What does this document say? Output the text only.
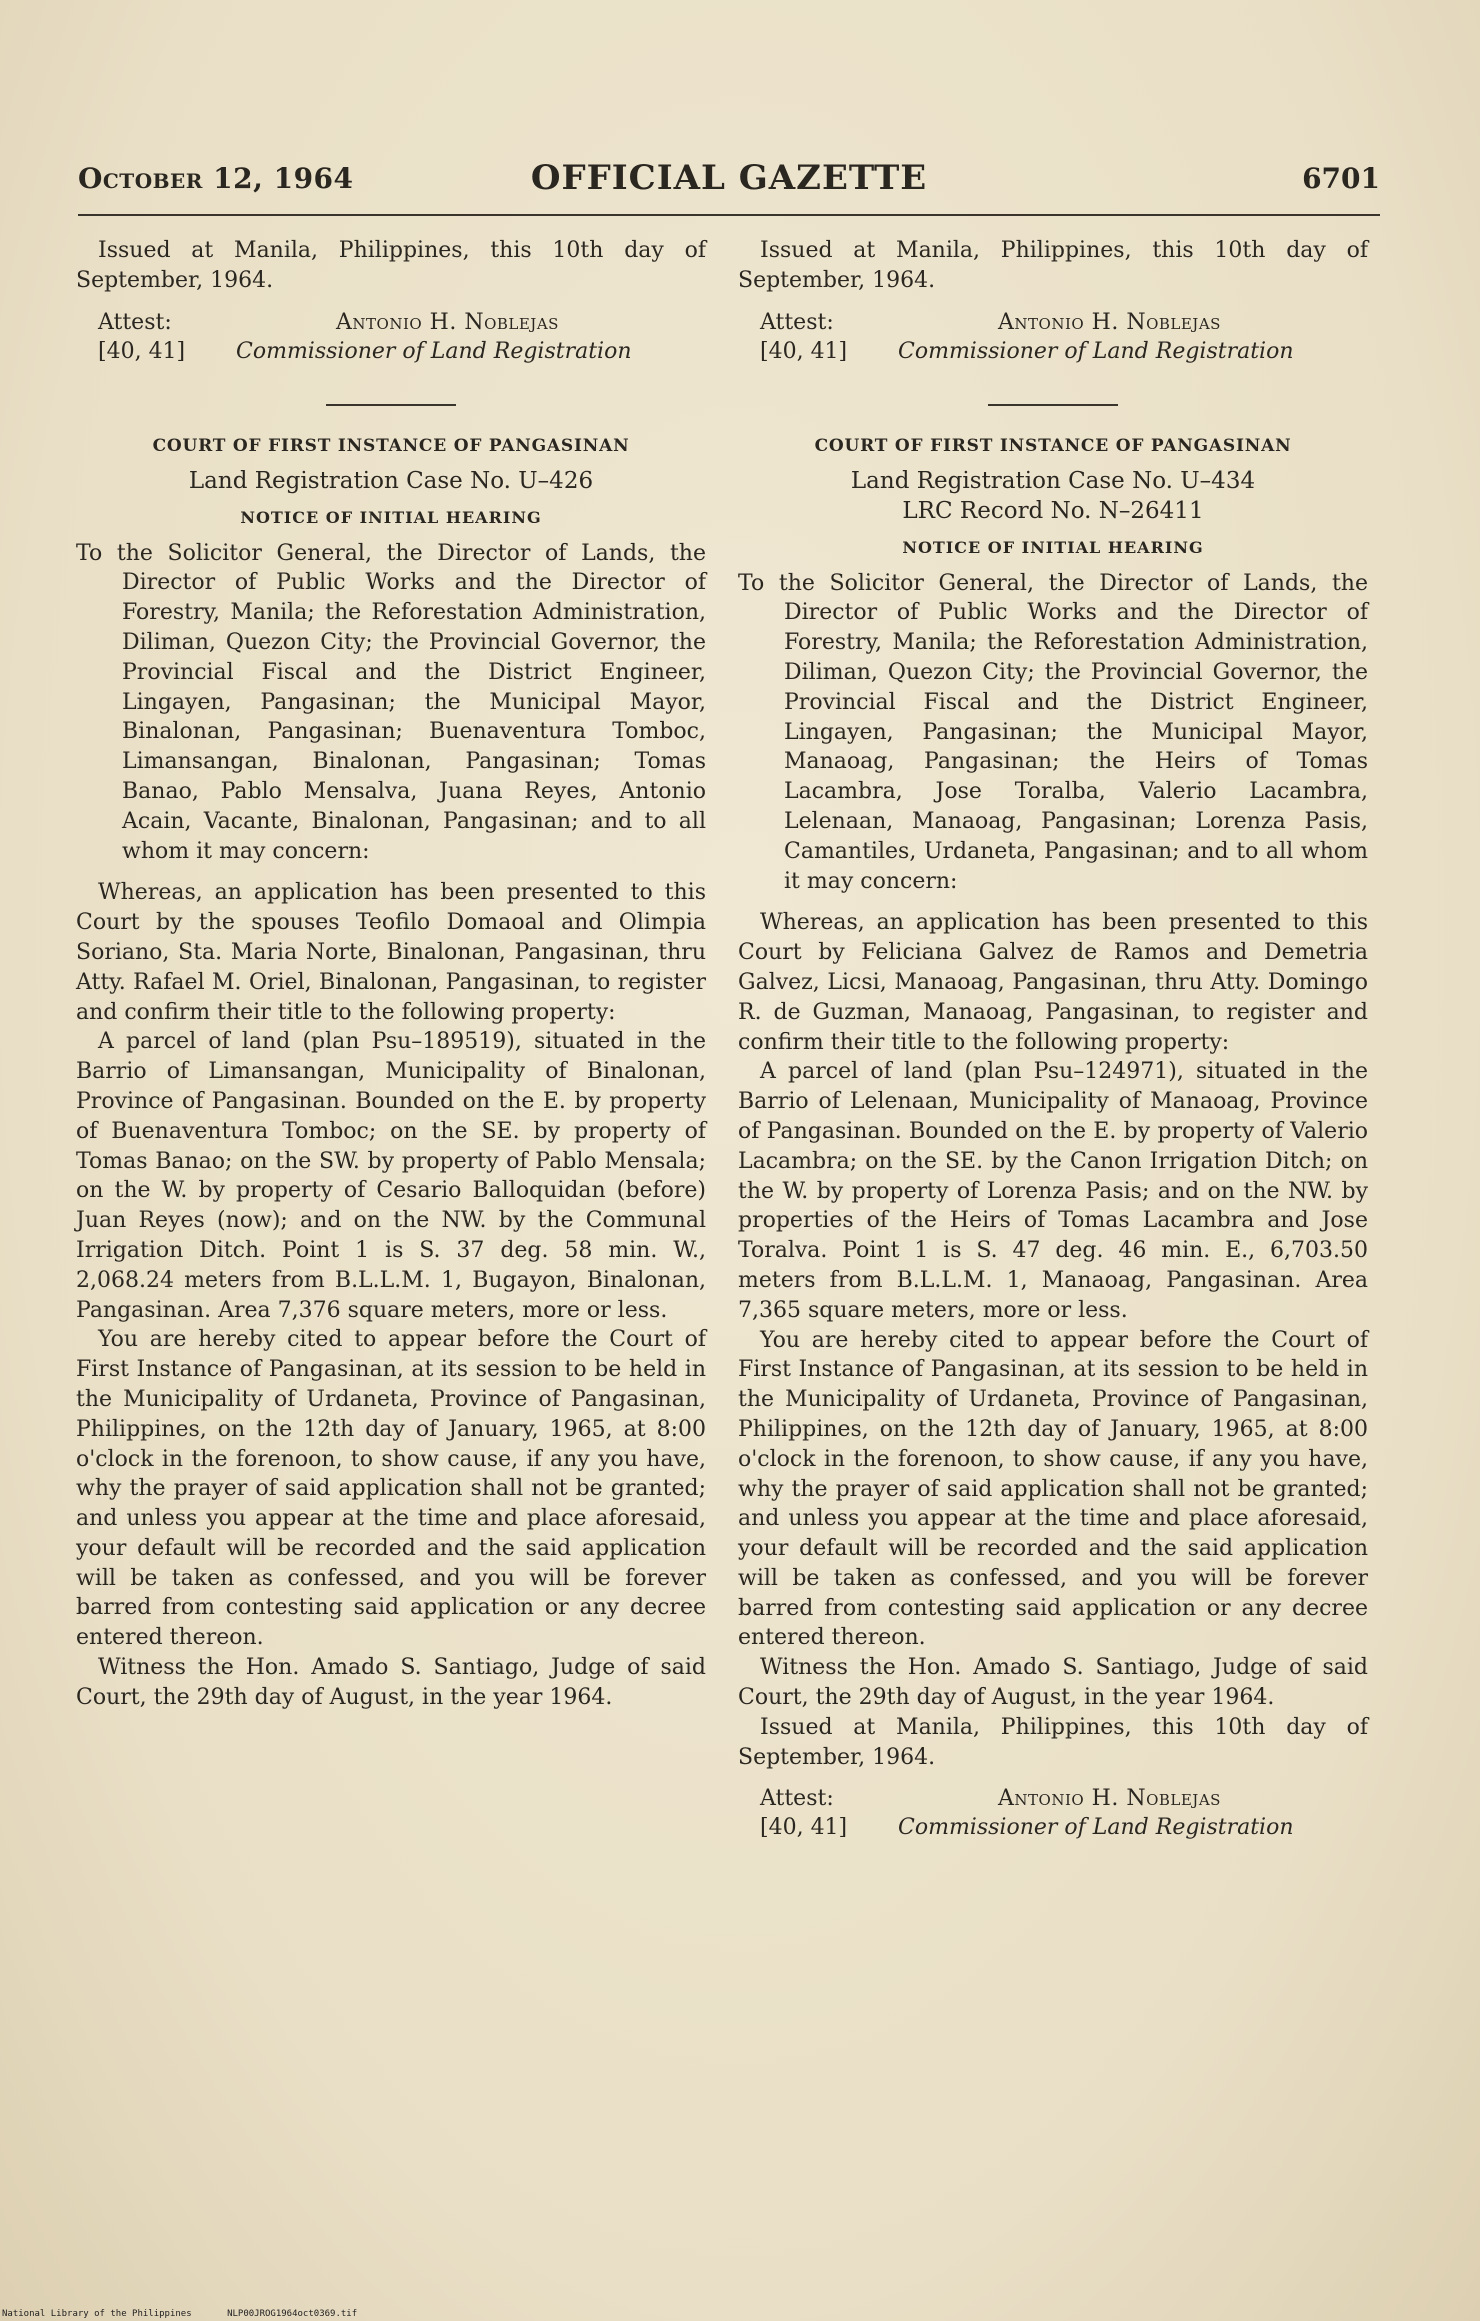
October 12, 1964	OFFICIAL GAZETTE	6701

Issued at Manila, Philippines, this 10th day of September, 1964.

Attest:
[40, 41]
Antonio H. Noblejas
Commissioner of Land Registration
COURT OF FIRST INSTANCE OF PANGASINAN

Land Registration Case No. U–426

NOTICE OF INITIAL HEARING

To the Solicitor General, the Director of Lands, the Director of Public Works and the Director of Forestry, Manila; the Reforestation Administration, Diliman, Quezon City; the Provincial Governor, the Provincial Fiscal and the District Engineer, Lingayen, Pangasinan; the Municipal Mayor, Binalonan, Pangasinan; Buenaventura Tomboc, Limansangan, Binalonan, Pangasinan; Tomas Banao, Pablo Mensalva, Juana Reyes, Antonio Acain, Vacante, Binalonan, Pangasinan; and to all whom it may concern:

Whereas, an application has been presented to this Court by the spouses Teofilo Domaoal and Olimpia Soriano, Sta. Maria Norte, Binalonan, Pangasinan, thru Atty. Rafael M. Oriel, Binalonan, Pangasinan, to register and confirm their title to the following property:

A parcel of land (plan Psu–189519), situated in the Barrio of Limansangan, Municipality of Binalonan, Province of Pangasinan. Bounded on the E. by property of Buenaventura Tomboc; on the SE. by property of Tomas Banao; on the SW. by property of Pablo Mensala; on the W. by property of Cesario Balloquidan (before) Juan Reyes (now); and on the NW. by the Communal Irrigation Ditch. Point 1 is S. 37 deg. 58 min. W., 2,068.24 meters from B.L.L.M. 1, Bugayon, Binalonan, Pangasinan. Area 7,376 square meters, more or less.

You are hereby cited to appear before the Court of First Instance of Pangasinan, at its session to be held in the Municipality of Urdaneta, Province of Pangasinan, Philippines, on the 12th day of January, 1965, at 8:00 o'clock in the forenoon, to show cause, if any you have, why the prayer of said application shall not be granted; and unless you appear at the time and place aforesaid, your default will be recorded and the said application will be taken as confessed, and you will be forever barred from contesting said application or any decree entered thereon.

Witness the Hon. Amado S. Santiago, Judge of said Court, the 29th day of August, in the year 1964.

Issued at Manila, Philippines, this 10th day of September, 1964.

Attest:
[40, 41]
Antonio H. Noblejas
Commissioner of Land Registration
COURT OF FIRST INSTANCE OF PANGASINAN

Land Registration Case No. U–434

LRC Record No. N–26411

NOTICE OF INITIAL HEARING

To the Solicitor General, the Director of Lands, the Director of Public Works and the Director of Forestry, Manila; the Reforestation Administration, Diliman, Quezon City; the Provincial Governor, the Provincial Fiscal and the District Engineer, Lingayen, Pangasinan; the Municipal Mayor, Manaoag, Pangasinan; the Heirs of Tomas Lacambra, Jose Toralba, Valerio Lacambra, Lelenaan, Manaoag, Pangasinan; Lorenza Pasis, Camantiles, Urdaneta, Pangasinan; and to all whom it may concern:

Whereas, an application has been presented to this Court by Feliciana Galvez de Ramos and Demetria Galvez, Licsi, Manaoag, Pangasinan, thru Atty. Domingo R. de Guzman, Manaoag, Pangasinan, to register and confirm their title to the following property:

A parcel of land (plan Psu–124971), situated in the Barrio of Lelenaan, Municipality of Manaoag, Province of Pangasinan. Bounded on the E. by property of Valerio Lacambra; on the SE. by the Canon Irrigation Ditch; on the W. by property of Lorenza Pasis; and on the NW. by properties of the Heirs of Tomas Lacambra and Jose Toralva. Point 1 is S. 47 deg. 46 min. E., 6,703.50 meters from B.L.L.M. 1, Manaoag, Pangasinan. Area 7,365 square meters, more or less.

You are hereby cited to appear before the Court of First Instance of Pangasinan, at its session to be held in the Municipality of Urdaneta, Province of Pangasinan, Philippines, on the 12th day of January, 1965, at 8:00 o'clock in the forenoon, to show cause, if any you have, why the prayer of said application shall not be granted; and unless you appear at the time and place aforesaid, your default will be recorded and the said application will be taken as confessed, and you will be forever barred from contesting said application or any decree entered thereon.

Witness the Hon. Amado S. Santiago, Judge of said Court, the 29th day of August, in the year 1964.

Issued at Manila, Philippines, this 10th day of September, 1964.

Attest:
[40, 41]
Antonio H. Noblejas
Commissioner of Land Registration
National Library of the Philippines	NLP00JROG1964oct0369.tif
